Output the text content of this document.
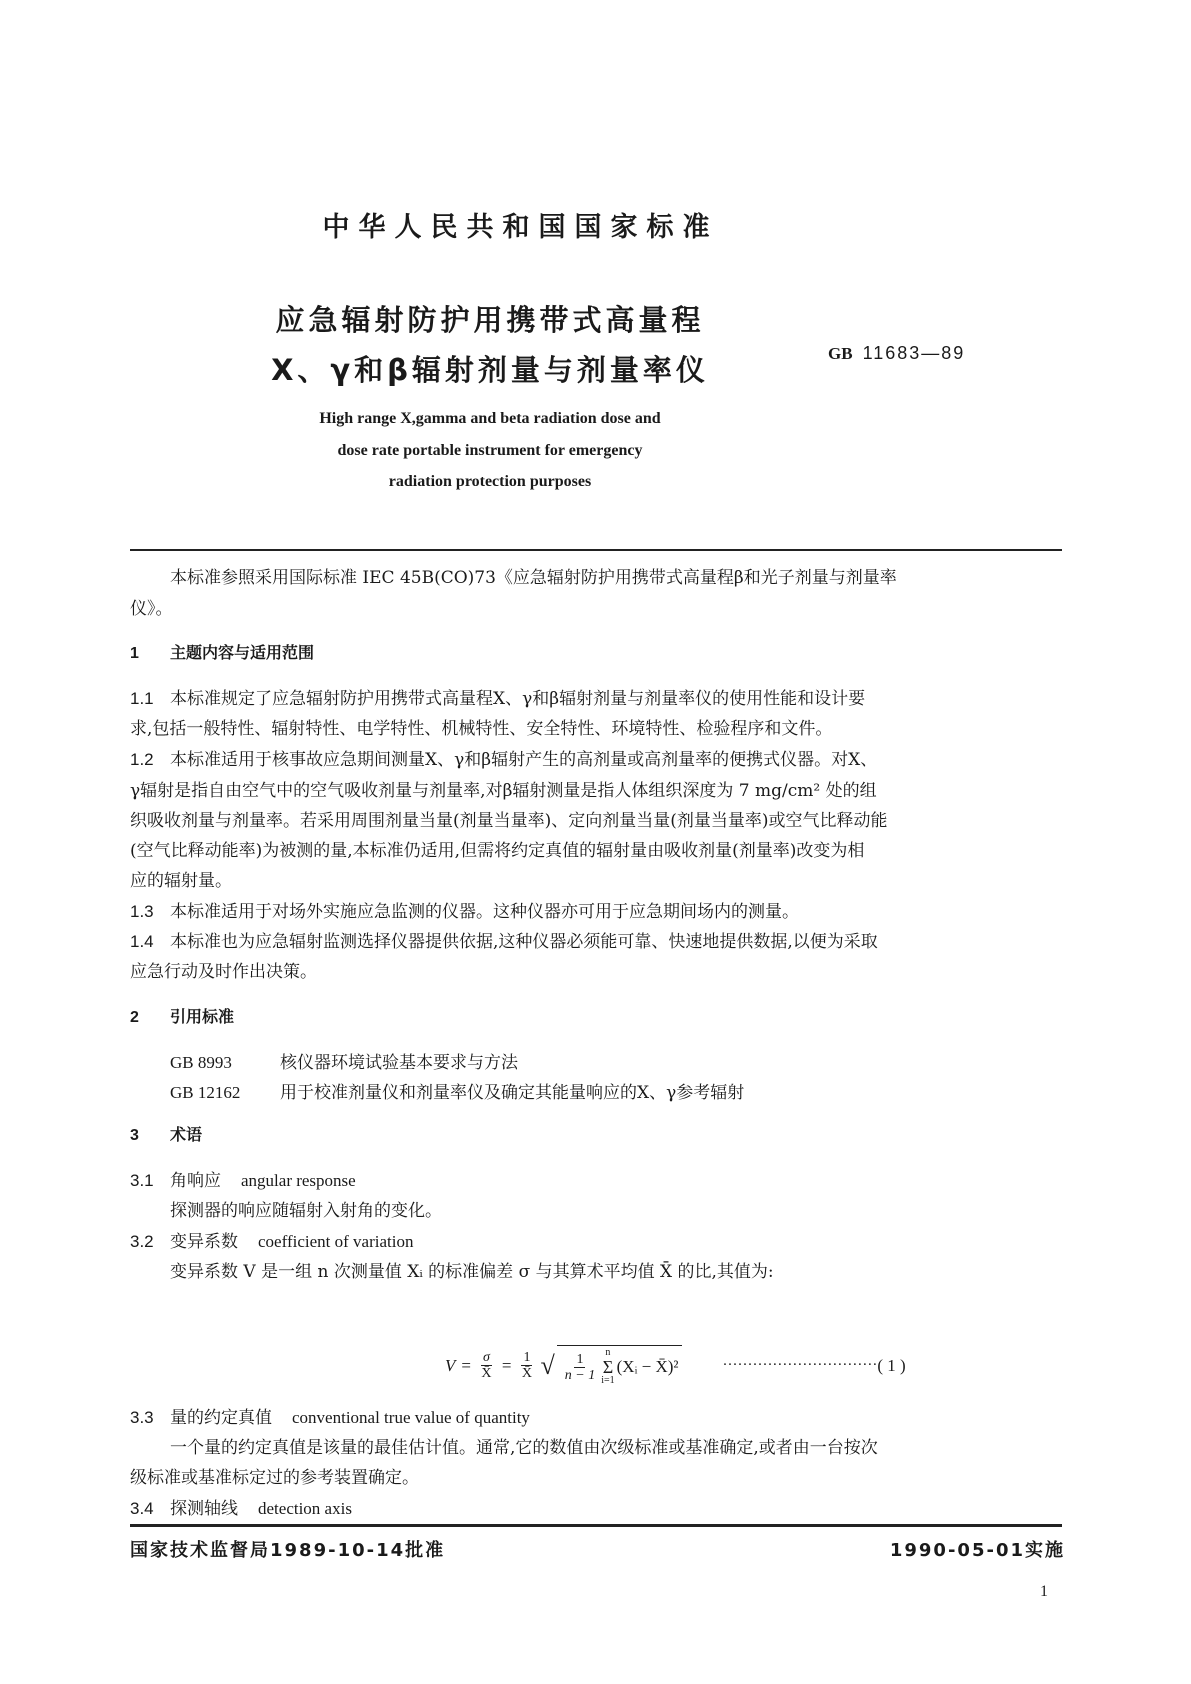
中华人民共和国国家标准
应急辐射防护用携带式高量程
X、γ和β辐射剂量与剂量率仪	GB 11683—89
High range X,gamma and beta radiation dose and
dose rate portable instrument for emergency
radiation protection purposes
本标准参照采用国际标准 IEC 45B(CO)73《应急辐射防护用携带式高量程β和光子剂量与剂量率
仪》。
1 主题内容与适用范围
1.1 本标准规定了应急辐射防护用携带式高量程X、γ和β辐射剂量与剂量率仪的使用性能和设计要
求,包括一般特性、辐射特性、电学特性、机械特性、安全特性、环境特性、检验程序和文件。
1.2 本标准适用于核事故应急期间测量X、γ和β辐射产生的高剂量或高剂量率的便携式仪器。对X、
γ辐射是指自由空气中的空气吸收剂量与剂量率,对β辐射测量是指人体组织深度为 7 mg/cm² 处的组
织吸收剂量与剂量率。若采用周围剂量当量(剂量当量率)、定向剂量当量(剂量当量率)或空气比释动能
(空气比释动能率)为被测的量,本标准仍适用,但需将约定真值的辐射量由吸收剂量(剂量率)改变为相
应的辐射量。
1.3 本标准适用于对场外实施应急监测的仪器。这种仪器亦可用于应急期间场内的测量。
1.4 本标准也为应急辐射监测选择仪器提供依据,这种仪器必须能可靠、快速地提供数据,以便为采取
应急行动及时作出决策。
2 引用标准
GB 8993	核仪器环境试验基本要求与方法
GB 12162 用于校准剂量仪和剂量率仪及确定其能量响应的X、γ参考辐射
3 术语
3.1 角响应 angular response
探测器的响应随辐射入射角的变化。
3.2 变异系数 coefficient of variation
变异系数 V 是一组 n 次测量值 Xᵢ 的标准偏差 σ 与其算术平均值 X̄ 的比,其值为:
$V = \frac{\sigma}{X̄} = \frac{1}{X̄}$ √ $\frac{1}{n - 1}$ n
Σ
i=1
(Xᵢ − X̄)²	······························· ( 1 )
3.3 量的约定真值 conventional true value of quantity
一个量的约定真值是该量的最佳估计值。通常,它的数值由次级标准或基准确定,或者由一台按次
级标准或基准标定过的参考装置确定。
3.4 探测轴线 detection axis
国家技术监督局1989-10-14批准	1990-05-01实施
1
